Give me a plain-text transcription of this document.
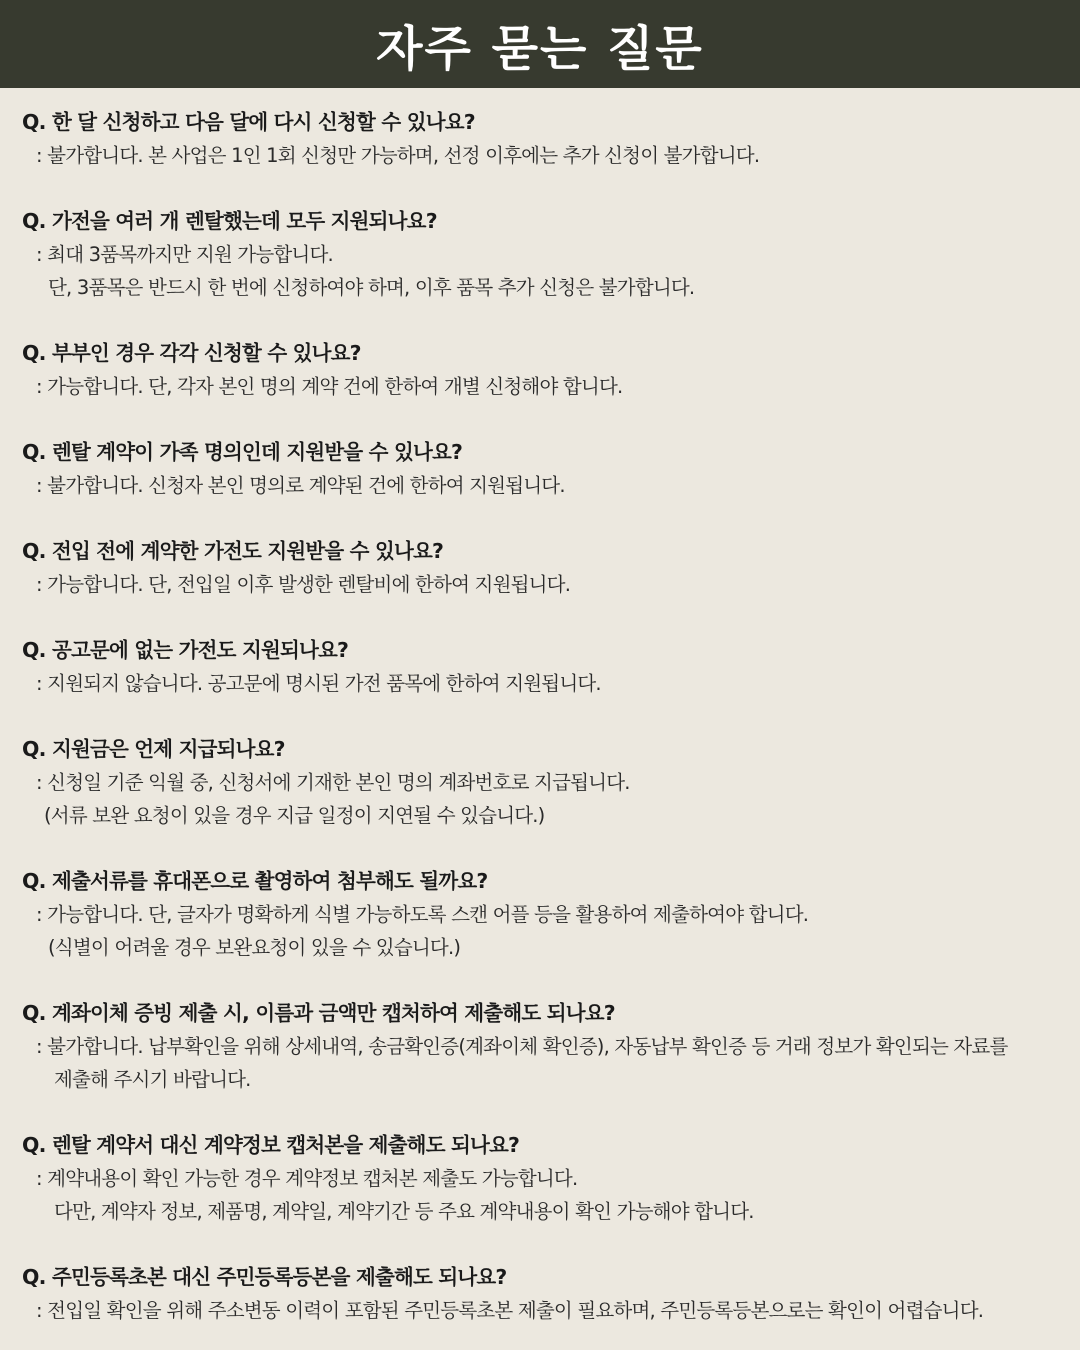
자주 묻는 질문
Q. 한 달 신청하고 다음 달에 다시 신청할 수 있나요?
: 불가합니다. 본 사업은 1인 1회 신청만 가능하며, 선정 이후에는 추가 신청이 불가합니다.
Q. 가전을 여러 개 렌탈했는데 모두 지원되나요?
: 최대 3품목까지만 지원 가능합니다.
단, 3품목은 반드시 한 번에 신청하여야 하며, 이후 품목 추가 신청은 불가합니다.
Q. 부부인 경우 각각 신청할 수 있나요?
: 가능합니다. 단, 각자 본인 명의 계약 건에 한하여 개별 신청해야 합니다.
Q. 렌탈 계약이 가족 명의인데 지원받을 수 있나요?
: 불가합니다. 신청자 본인 명의로 계약된 건에 한하여 지원됩니다.
Q. 전입 전에 계약한 가전도 지원받을 수 있나요?
: 가능합니다. 단, 전입일 이후 발생한 렌탈비에 한하여 지원됩니다.
Q. 공고문에 없는 가전도 지원되나요?
: 지원되지 않습니다. 공고문에 명시된 가전 품목에 한하여 지원됩니다.
Q. 지원금은 언제 지급되나요?
: 신청일 기준 익월 중, 신청서에 기재한 본인 명의 계좌번호로 지급됩니다.
(서류 보완 요청이 있을 경우 지급 일정이 지연될 수 있습니다.)
Q. 제출서류를 휴대폰으로 촬영하여 첨부해도 될까요?
: 가능합니다. 단, 글자가 명확하게 식별 가능하도록 스캔 어플 등을 활용하여 제출하여야 합니다.
(식별이 어려울 경우 보완요청이 있을 수 있습니다.)
Q. 계좌이체 증빙 제출 시, 이름과 금액만 캡처하여 제출해도 되나요?
: 불가합니다. 납부확인을 위해 상세내역, 송금확인증(계좌이체 확인증), 자동납부 확인증 등 거래 정보가 확인되는 자료를
제출해 주시기 바랍니다.
Q. 렌탈 계약서 대신 계약정보 캡처본을 제출해도 되나요?
: 계약내용이 확인 가능한 경우 계약정보 캡처본 제출도 가능합니다.
다만, 계약자 정보, 제품명, 계약일, 계약기간 등 주요 계약내용이 확인 가능해야 합니다.
Q. 주민등록초본 대신 주민등록등본을 제출해도 되나요?
: 전입일 확인을 위해 주소변동 이력이 포함된 주민등록초본 제출이 필요하며, 주민등록등본으로는 확인이 어렵습니다.
